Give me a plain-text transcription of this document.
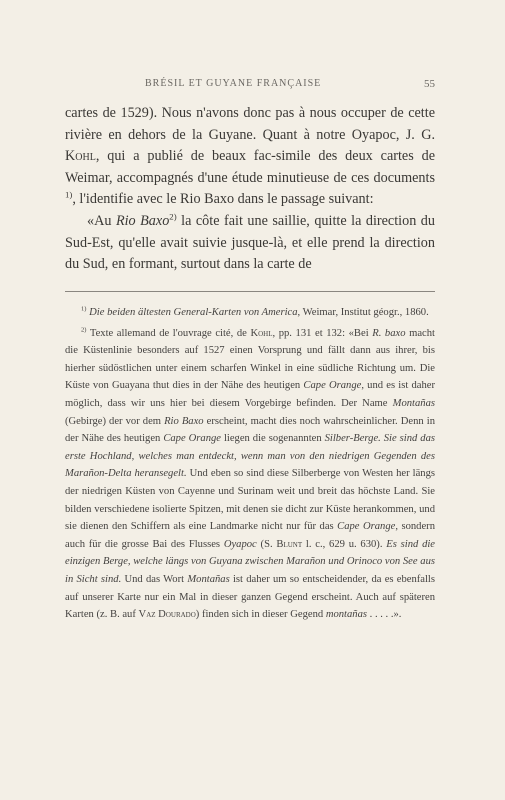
BRÉSIL ET GUYANE FRANÇAISE	55

cartes de 1529). Nous n'avons donc pas à nous occuper de cette rivière en dehors de la Guyane. Quant à notre Oyapoc, J. G. Kohl, qui a publié de beaux fac-simile des deux cartes de Weimar, accompagnés d'une étude minutieuse de ces documents $^{1)}$, l'identifie avec le Rio Baxo dans le passage suivant:

«Au Rio Baxo$^{2)}$ la côte fait une saillie, quitte la direction du Sud-Est, qu'elle avait suivie jusque-là, et elle prend la direction du Sud, en formant, surtout dans la carte de

$^{1)}$ Die beiden ältesten General-Karten von America, Weimar, Institut géogr., 1860.

$^{2)}$ Texte allemand de l'ouvrage cité, de Kohl, pp. 131 et 132: «Bei R. baxo macht die Küstenlinie besonders auf 1527 einen Vorsprung und fällt dann aus ihrer, bis hierher südöstlichen unter einem scharfen Winkel in eine südliche Richtung um. Die Küste von Guayana thut dies in der Nähe des heutigen Cape Orange, und es ist daher möglich, dass wir uns hier bei diesem Vorgebirge befinden. Der Name Montañas (Gebirge) der vor dem Rio Baxo erscheint, macht dies noch wahrscheinlicher. Denn in der Nähe des heutigen Cape Orange liegen die sogenannten Silber-Berge. Sie sind das erste Hochland, welches man entdeckt, wenn man von den niedrigen Gegenden des Marañon-Delta heransegelt. Und eben so sind diese Silberberge von Westen her längs der niedrigen Küsten von Cayenne und Surinam weit und breit das höchste Land. Sie bilden verschiedene isolierte Spitzen, mit denen sie dicht zur Küste herankommen, und sie dienen den Schiffern als eine Landmarke nicht nur für das Cape Orange, sondern auch für die grosse Bai des Flusses Oyapoc (S. Blunt l. c., 629 u. 630). Es sind die einzigen Berge, welche längs von Guyana zwischen Marañon und Orinoco von See aus in Sicht sind. Und das Wort Montañas ist daher um so entscheidender, da es ebenfalls auf unserer Karte nur ein Mal in dieser ganzen Gegend erscheint. Auch auf späteren Karten (z. B. auf Vaz Dourado) finden sich in dieser Gegend montañas . . . . .».
